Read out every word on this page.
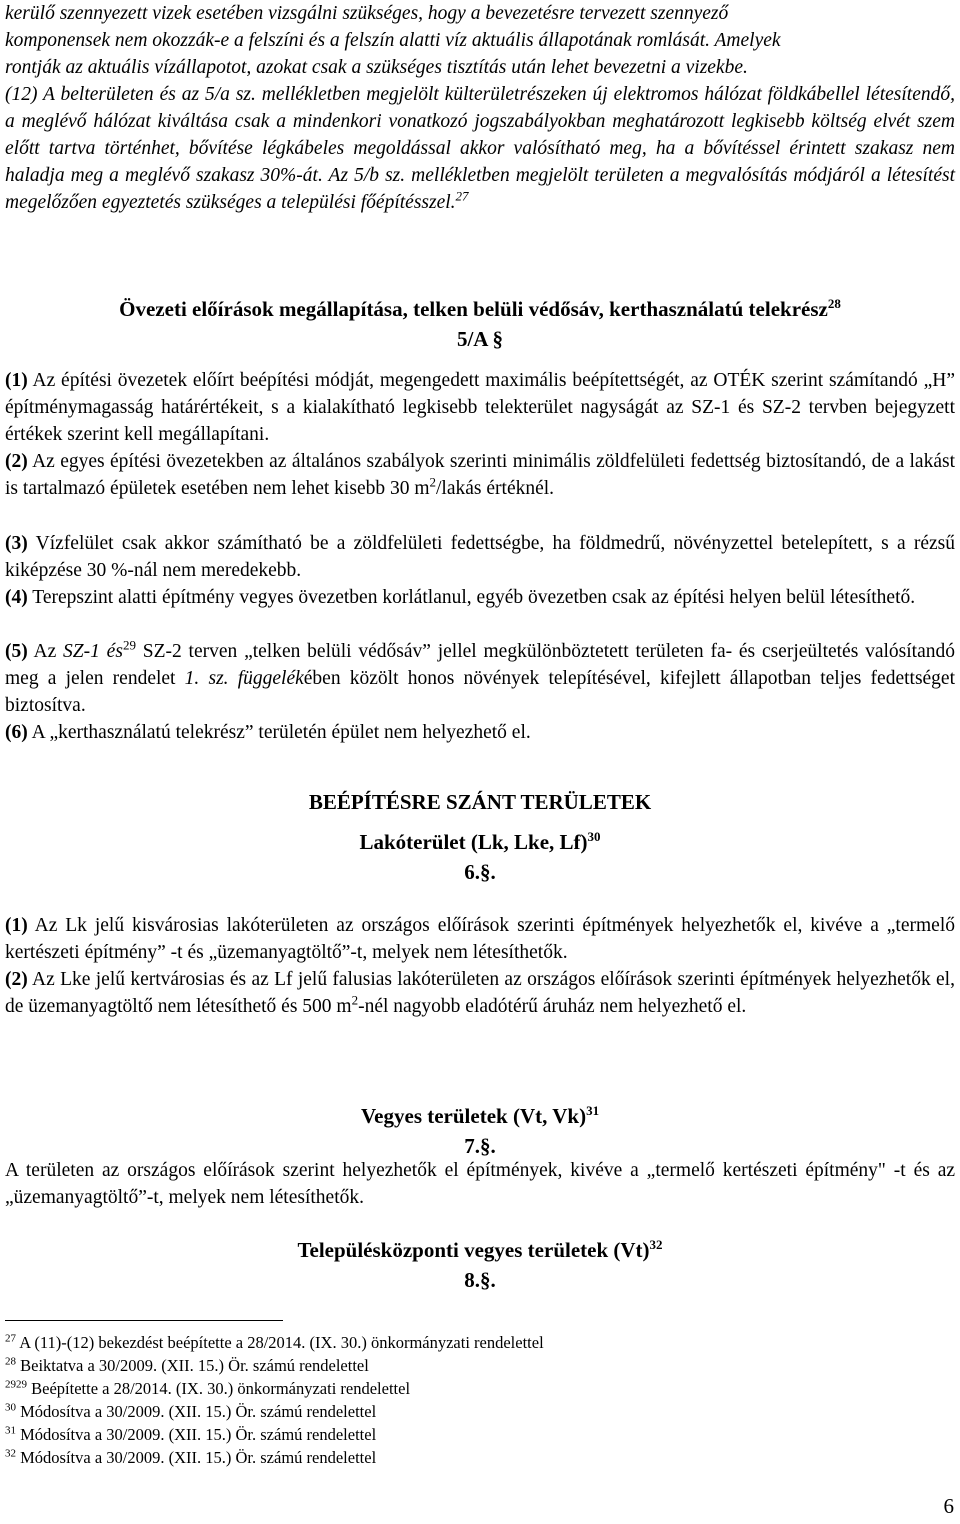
kerülő szennyezett vizek esetében vizsgálni szükséges, hogy a bevezetésre tervezett szennyező

komponensek nem okozzák-e a felszíni és a felszín alatti víz aktuális állapotának romlását. Amelyek

rontják az aktuális vízállapotot, azokat csak a szükséges tisztítás után lehet bevezetni a vizekbe.

(12) A belterületen és az 5/a sz. mellékletben megjelölt külterületrészeken új elektromos hálózat földkábellel létesítendő, a meglévő hálózat kiváltása csak a mindenkori vonatkozó jogszabályokban meghatározott legkisebb költség elvét szem előtt tartva történhet, bővítése légkábeles megoldással akkor valósítható meg, ha a bővítéssel érintett szakasz nem haladja meg a meglévő szakasz 30%-át. Az 5/b sz. mellékletben megjelölt területen a megvalósítás módjáról a létesítést megelőzően egyeztetés szükséges a települési főépítésszel.$^{27}$

Övezeti előírások megállapítása, telken belüli védősáv, kerthasználatú telekrész$^{28}$
5/A §

(1) Az építési övezetek előírt beépítési módját, megengedett maximális beépítettségét, az OTÉK szerint számítandó „H” építménymagasság határértékeit, s a kialakítható legkisebb telekterület nagyságát az SZ-1 és SZ-2 tervben bejegyzett értékek szerint kell megállapítani.

(2) Az egyes építési övezetekben az általános szabályok szerinti minimális zöldfelületi fedettség biztosítandó, de a lakást is tartalmazó épületek esetében nem lehet kisebb 30 $m^2$/lakás értéknél.

(3) Vízfelület csak akkor számítható be a zöldfelületi fedettségbe, ha földmedrű, növényzettel betelepített, s a rézsű kiképzése 30 %-nál nem meredekebb.

(4) Terepszint alatti építmény vegyes övezetben korlátlanul, egyéb övezetben csak az építési helyen belül létesíthető.

(5) Az SZ-1 $és^{29}$ SZ-2 terven „telken belüli védősáv” jellel megkülönböztetett területen fa- és cserjeültetés valósítandó meg a jelen rendelet 1. sz. függelékében közölt honos növények telepítésével, kifejlett állapotban teljes fedettséget biztosítva.

(6) A „kerthasználatú telekrész” területén épület nem helyezhető el.

BEÉPÍTÉSRE SZÁNT TERÜLETEK
Lakóterület (Lk, Lke, Lf)$^{30}$
6.§.

(1) Az Lk jelű kisvárosias lakóterületen az országos előírások szerinti építmények helyezhetők el, kivéve a „termelő kertészeti építmény” -t és „üzemanyagtöltő”-t, melyek nem létesíthetők.

(2) Az Lke jelű kertvárosias és az Lf jelű falusias lakóterületen az országos előírások szerinti építmények helyezhetők el, de üzemanyagtöltő nem létesíthető és 500 $m^2$-nél nagyobb eladótérű áruház nem helyezhető el.

Vegyes területek (Vt, Vk)$^{31}$
7.§.

A területen az országos előírások szerint helyezhetők el építmények, kivéve a „termelő kertészeti építmény" -t és az „üzemanyagtöltő”-t, melyek nem létesíthetők.

Településközponti vegyes területek $(Vt)^{32}$
8.§.

$^{27}$ A (11)-(12) bekezdést beépítette a 28/2014. (IX. 30.) önkormányzati rendelettel

$^{28}$ Beiktatva a 30/2009. (XII. 15.) Ör. számú rendelettel

$^{2929}$ Beépítette a 28/2014. (IX. 30.) önkormányzati rendelettel

$^{30}$ Módosítva a 30/2009. (XII. 15.) Ör. számú rendelettel

$^{31}$ Módosítva a 30/2009. (XII. 15.) Ör. számú rendelettel

$^{32}$ Módosítva a 30/2009. (XII. 15.) Ör. számú rendelettel

6
